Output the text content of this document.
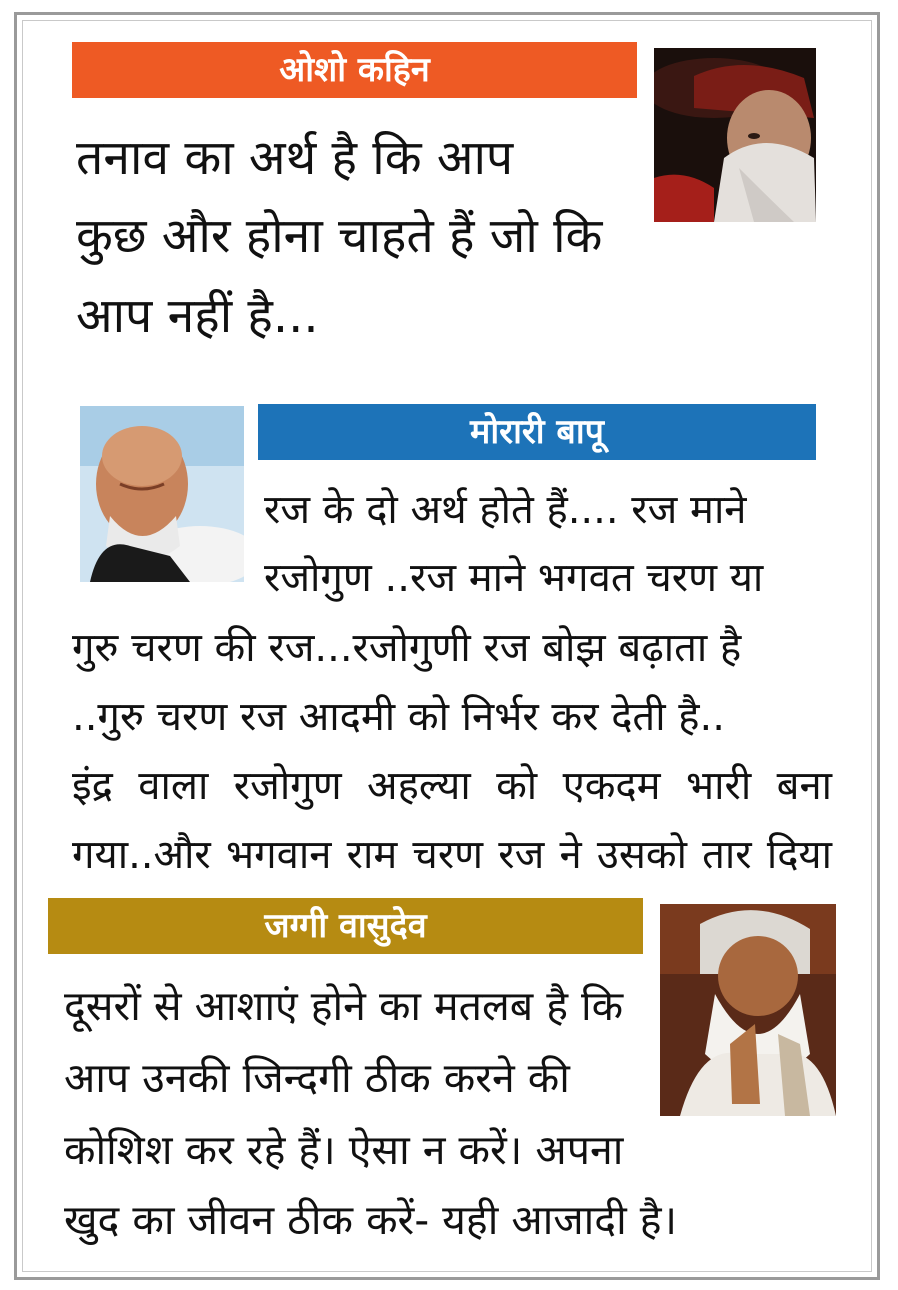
ओशो कहिन

तनाव का अर्थ है कि आप

कुछ और होना चाहते हैं जो कि

आप नहीं है...

मोरारी बापू

रज के दो अर्थ होते हैं.... रज माने

रजोगुण ..रज माने भगवत चरण या

गुरु चरण की रज...रजोगुणी रज बोझ बढ़ाता है

..गुरु चरण रज आदमी को निर्भर कर देती है..

इंद्र वाला रजोगुण अहल्या को एकदम भारी बना

गया..और भगवान राम चरण रज ने उसको तार दिया

जग्गी वासुदेव

दूसरों से आशाएं होने का मतलब है कि

आप उनकी जिन्दगी ठीक करने की

कोशिश कर रहे हैं। ऐसा न करें। अपना

खुद का जीवन ठीक करें- यही आजादी है।
